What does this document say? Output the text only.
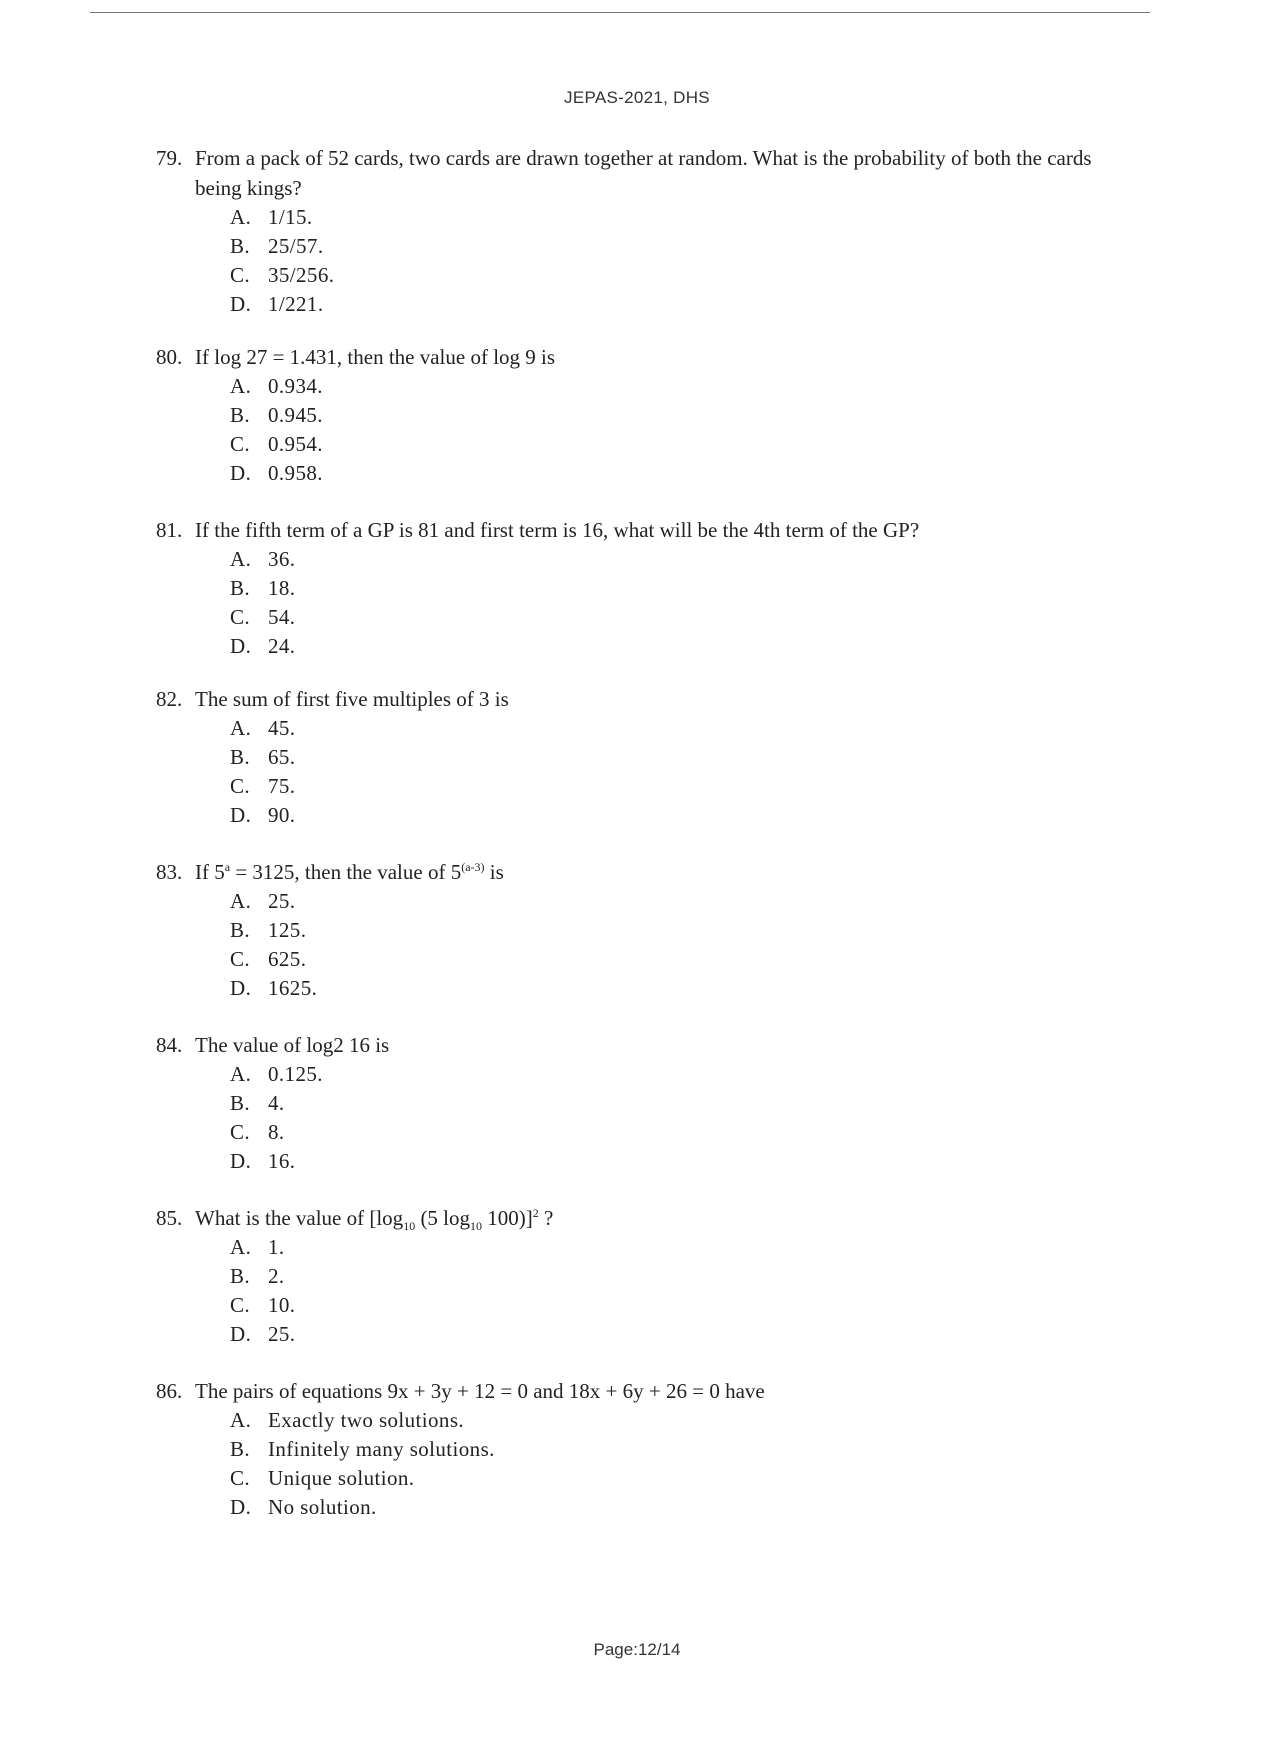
JEPAS-2021, DHS
79. From a pack of 52 cards, two cards are drawn together at random. What is the probability of both the cards being kings?
A. 1/15.
B. 25/57.
C. 35/256.
D. 1/221.
80. If log 27 = 1.431, then the value of log 9 is
A. 0.934.
B. 0.945.
C. 0.954.
D. 0.958.
81. If the fifth term of a GP is 81 and first term is 16, what will be the 4th term of the GP?
A. 36.
B. 18.
C. 54.
D. 24.
82. The sum of first five multiples of 3 is
A. 45.
B. 65.
C. 75.
D. 90.
83. If $5^a = 3125$, then the value of 5$^{(a-3)}$ is
A. 25.
B. 125.
C. 625.
D. 1625.
84. The value of log2 16 is
A. 0.125.
B. 4.
C. 8.
D. 16.
85. What is the value of [$\log_{10}$ (5 $\log_{10} 100)]^2$ ?
A. 1.
B. 2.
C. 10.
D. 25.
86. The pairs of equations 9x + 3y + 12 = 0 and 18x + 6y + 26 = 0 have
A. Exactly two solutions.
B. Infinitely many solutions.
C. Unique solution.
D. No solution.
Page:12/14
